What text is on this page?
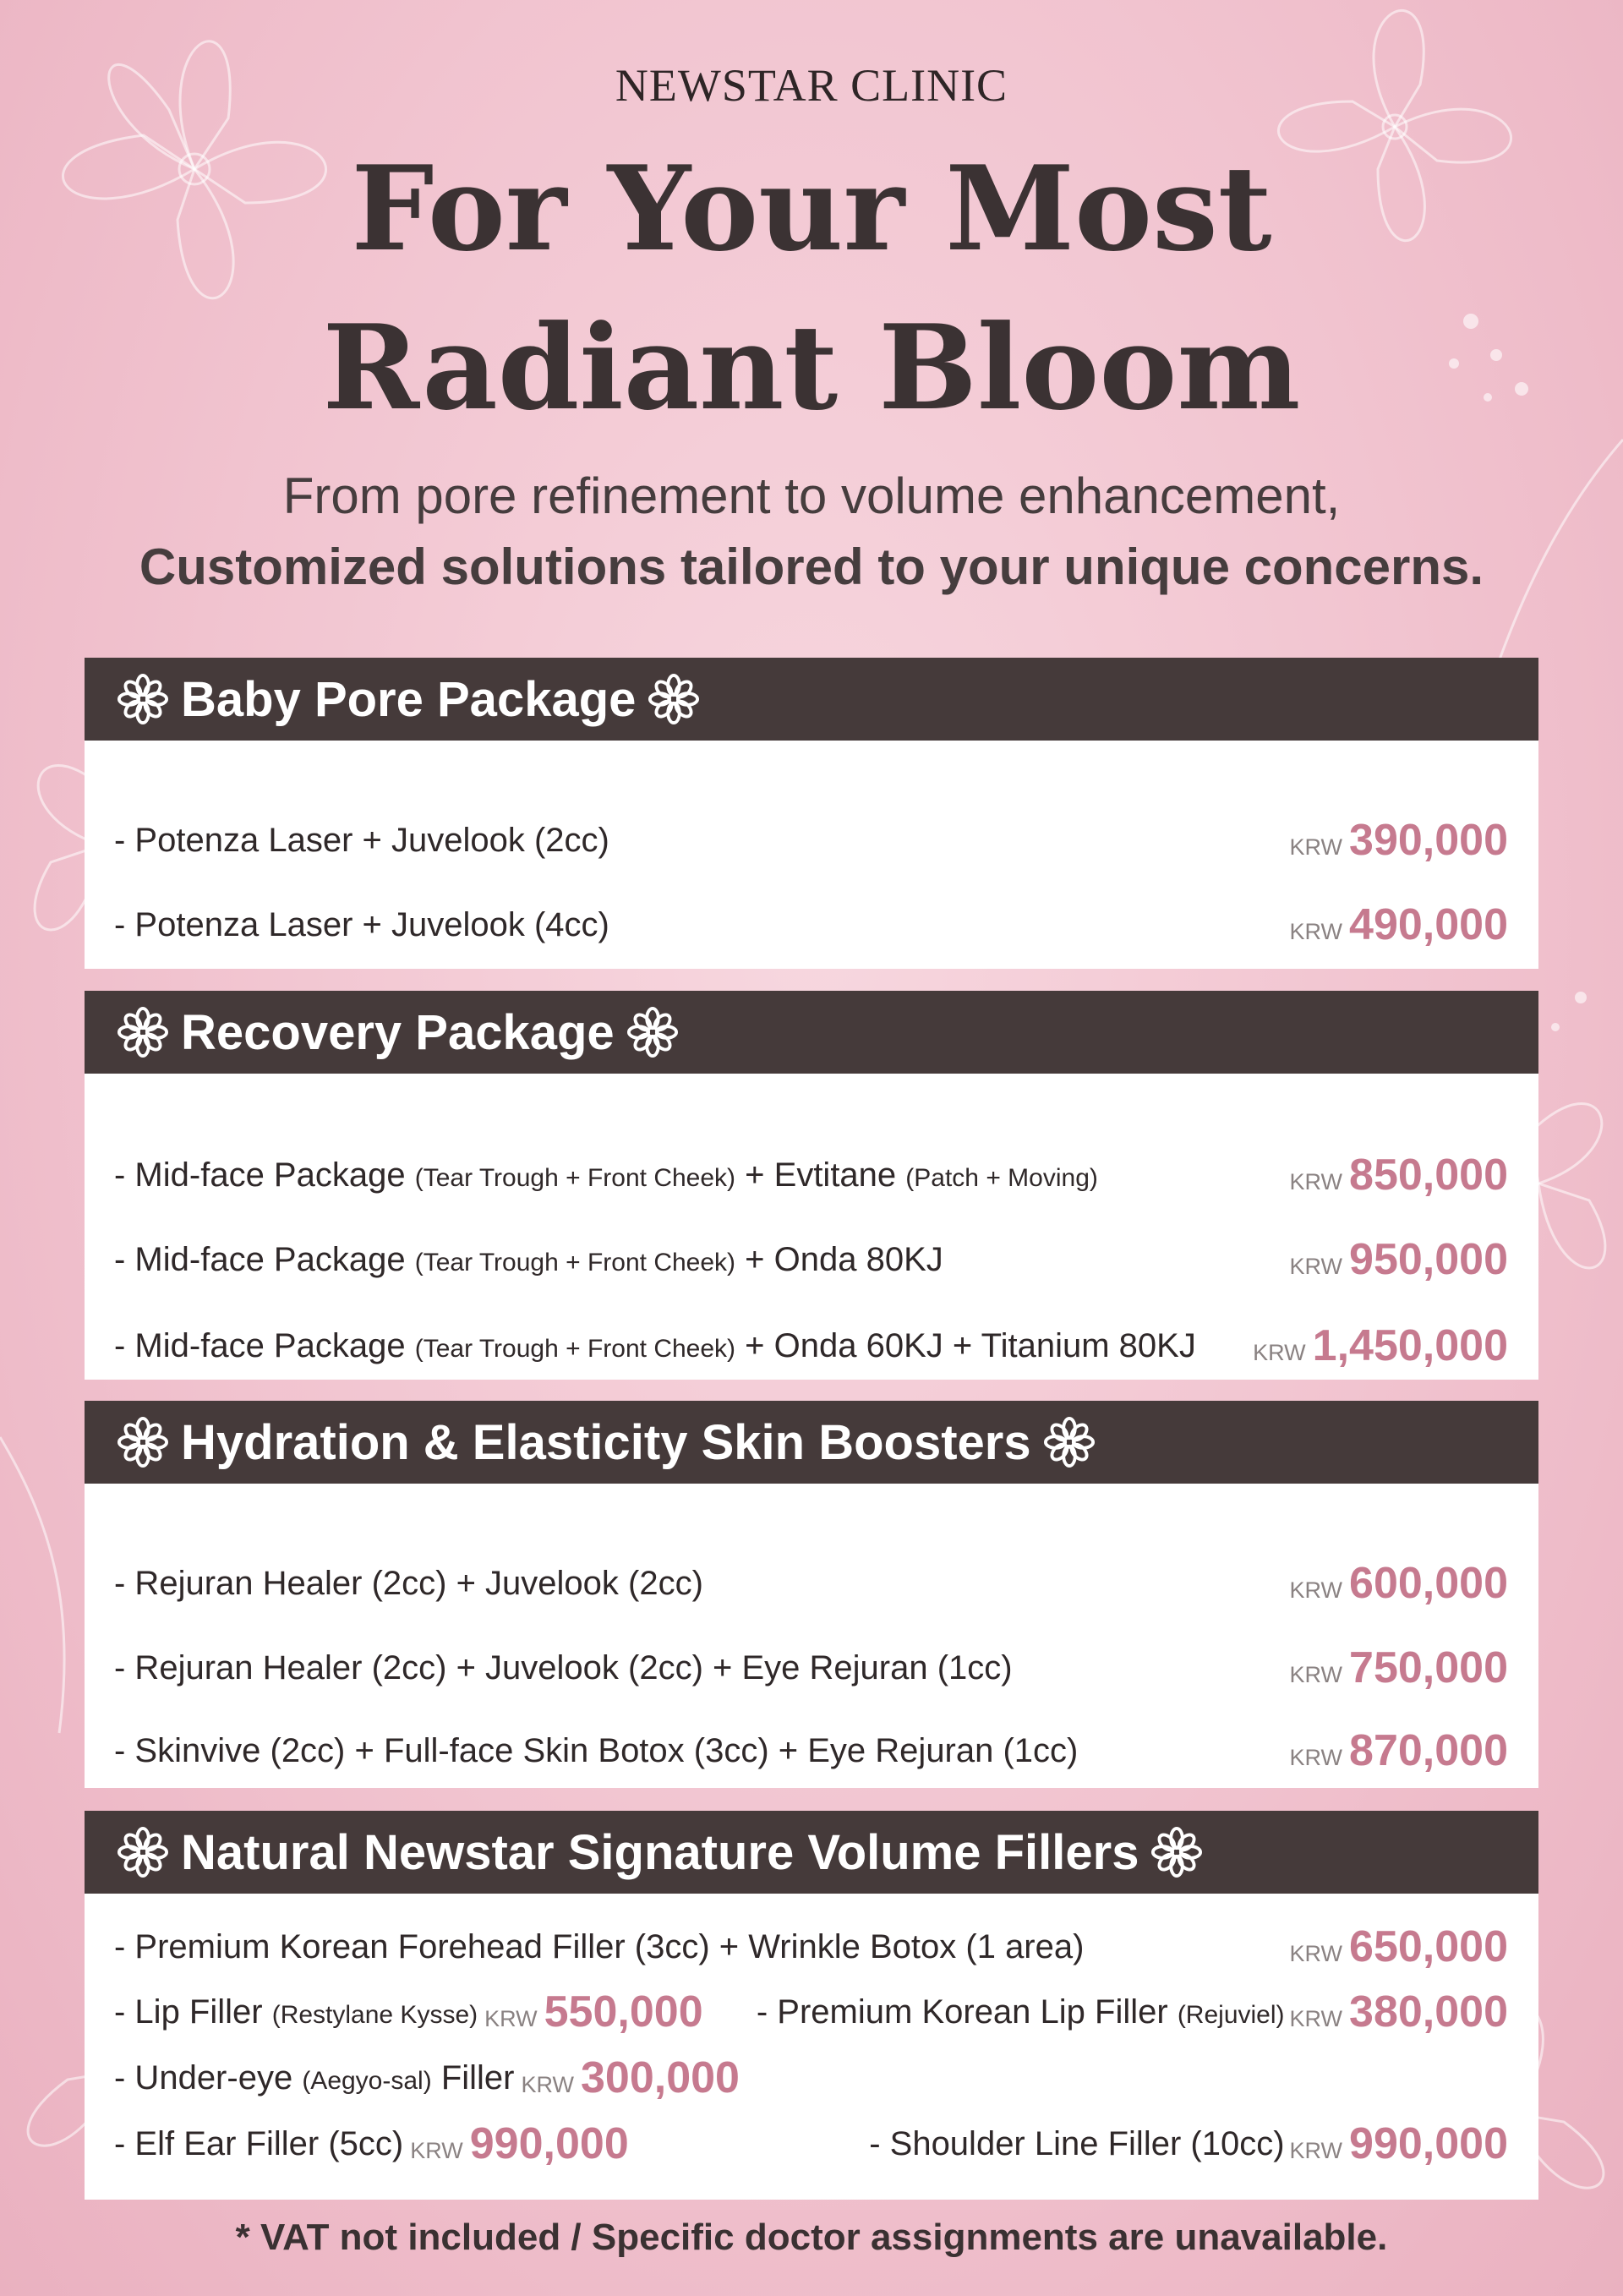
NEWSTAR CLINIC
For Your Most
Radiant Bloom
From pore refinement to volume enhancement,
Customized solutions tailored to your unique concerns.
Baby Pore Package
- Potenza Laser + Juvelook (2cc)	KRW 390,000
- Potenza Laser + Juvelook (4cc)	KRW 490,000
Recovery Package
- Mid-face Package (Tear Trough + Front Cheek) + Evtitane (Patch + Moving)	KRW 850,000
- Mid-face Package (Tear Trough + Front Cheek) + Onda 80KJ	KRW 950,000
- Mid-face Package (Tear Trough + Front Cheek) + Onda 60KJ + Titanium 80KJ KRW 1,450,000
Hydration & Elasticity Skin Boosters
- Rejuran Healer (2cc) + Juvelook (2cc)	KRW 600,000
- Rejuran Healer (2cc) + Juvelook (2cc) + Eye Rejuran (1cc)	KRW 750,000
- Skinvive (2cc) + Full-face Skin Botox (3cc) + Eye Rejuran (1cc)	KRW 870,000
Natural Newstar Signature Volume Fillers
- Premium Korean Forehead Filler (3cc) + Wrinkle Botox (1 area)	KRW 650,000
- Lip Filler (Restylane Kysse) KRW 550,000 - Premium Korean Lip Filler (Rejuviel) KRW 380,000
- Under-eye (Aegyo-sal) Filler KRW 300,000
- Elf Ear Filler (5cc) KRW 990,000	- Shoulder Line Filler (10cc) KRW 990,000
* VAT not included / Specific doctor assignments are unavailable.
